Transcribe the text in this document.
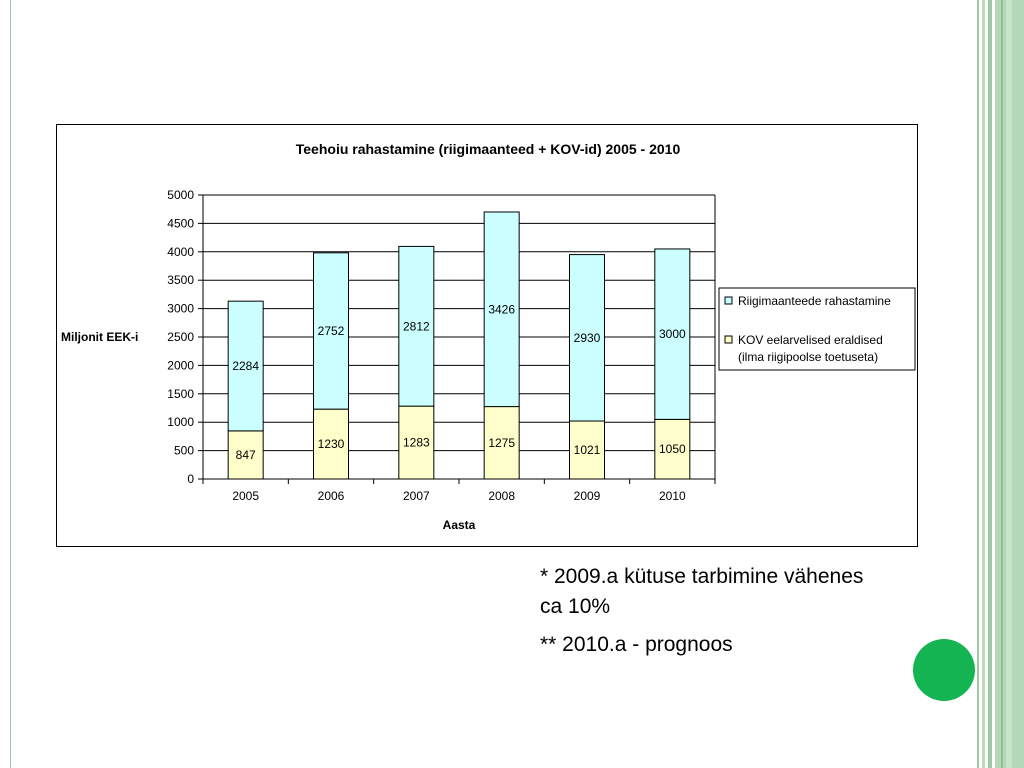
Teehoiu rahastamine (riigimaanteed + KOV-id) 2005 - 2010
0
500
1000
1500
2000
2500
3000
3500
4000
4500
5000
Miljonit EEK-i
Aasta
2005	2006	2007	2008	2009	2010
847
2284
1230
2752
1283
2812
1275
3426
1021
2930
1050
3000
Riigimaanteede rahastamine
KOV eelarvelised eraldised
(ilma riigipoolse toetuseta)

* 2009.a kütuse tarbimine vähenes ca 10%

** 2010.a - prognoos
